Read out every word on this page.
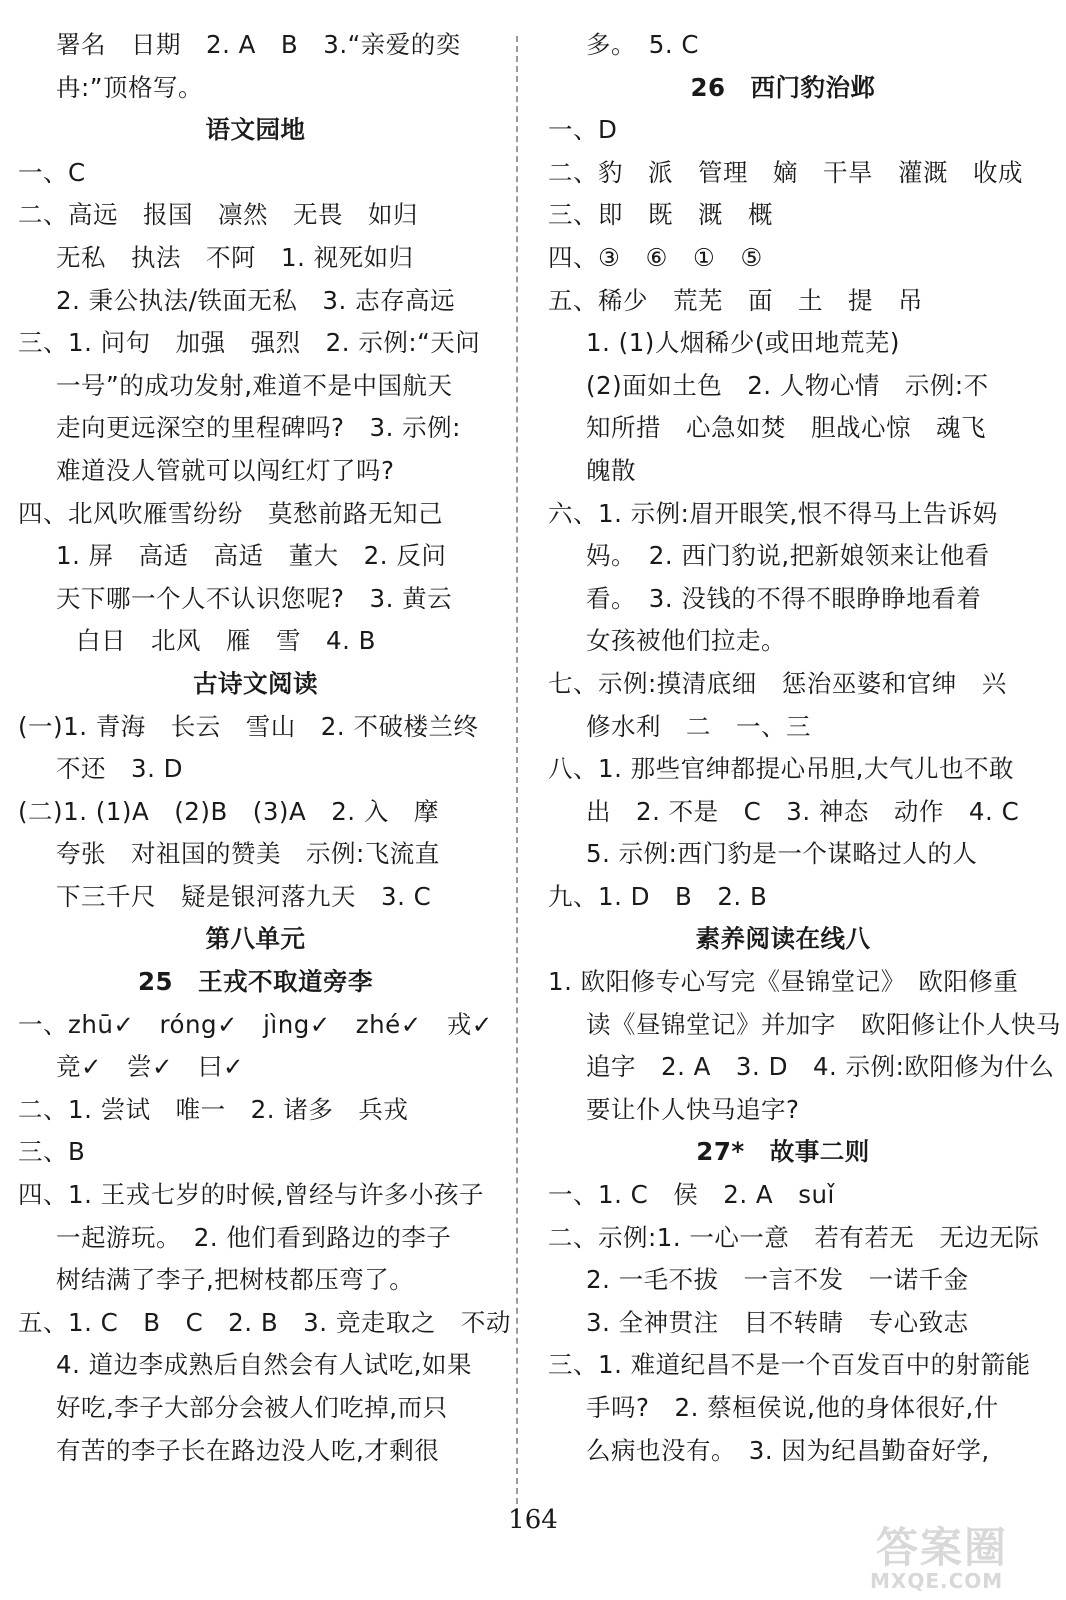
署名　日期　2. A　B　3.“亲爱的奕
冉:”顶格写。
语文园地
一、C
二、高远　报国　凛然　无畏　如归
无私　执法　不阿　1. 视死如归
2. 秉公执法/铁面无私　3. 志存高远
三、1. 问句　加强　强烈　2. 示例:“天问
一号”的成功发射,难道不是中国航天
走向更远深空的里程碑吗?　3. 示例:
难道没人管就可以闯红灯了吗?
四、北风吹雁雪纷纷　莫愁前路无知己
1. 屏　高适　高适　董大　2. 反问
天下哪一个人不认识您呢?　3. 黄云
白日　北风　雁　雪　4. B
古诗文阅读
(一)1. 青海　长云　雪山　2. 不破楼兰终
不还　3. D
(二)1. (1)A　(2)B　(3)A　2. 入　摩
夸张　对祖国的赞美　示例:飞流直
下三千尺　疑是银河落九天　3. C
第八单元
25　王戎不取道旁李
一、zhū✓　róng✓　jìng✓　zhé✓　戎✓
竞✓　尝✓　曰✓
二、1. 尝试　唯一　2. 诸多　兵戎
三、B
四、1. 王戎七岁的时候,曾经与许多小孩子
一起游玩。　2. 他们看到路边的李子
树结满了李子,把树枝都压弯了。
五、1. C　B　C　2. B　3. 竞走取之　不动
4. 道边李成熟后自然会有人试吃,如果
好吃,李子大部分会被人们吃掉,而只
有苦的李子长在路边没人吃,才剩很
多。　5. C
26　西门豹治邺
一、D
二、豹　派　管理　嫡　干旱　灌溉　收成
三、即　既　溉　概
四、③　⑥　①　⑤
五、稀少　荒芜　面　土　提　吊
1. (1)人烟稀少(或田地荒芜)
(2)面如土色　2. 人物心情　示例:不
知所措　心急如焚　胆战心惊　魂飞
魄散
六、1. 示例:眉开眼笑,恨不得马上告诉妈
妈。　2. 西门豹说,把新娘领来让他看
看。　3. 没钱的不得不眼睁睁地看着
女孩被他们拉走。
七、示例:摸清底细　惩治巫婆和官绅　兴
修水利　二　一、三
八、1. 那些官绅都提心吊胆,大气儿也不敢
出　2. 不是　C　3. 神态　动作　4. C
5. 示例:西门豹是一个谋略过人的人
九、1. D　B　2. B
素养阅读在线八
1. 欧阳修专心写完《昼锦堂记》　欧阳修重
读《昼锦堂记》并加字　欧阳修让仆人快马
追字　2. A　3. D　4. 示例:欧阳修为什么
要让仆人快马追字?
27*　故事二则
一、1. C　侯　2. A　suǐ
二、示例:1. 一心一意　若有若无　无边无际
2. 一毛不拔　一言不发　一诺千金
3. 全神贯注　目不转睛　专心致志
三、1. 难道纪昌不是一个百发百中的射箭能
手吗?　2. 蔡桓侯说,他的身体很好,什
么病也没有。　3. 因为纪昌勤奋好学,
164
答案圈
MXQE.COM
